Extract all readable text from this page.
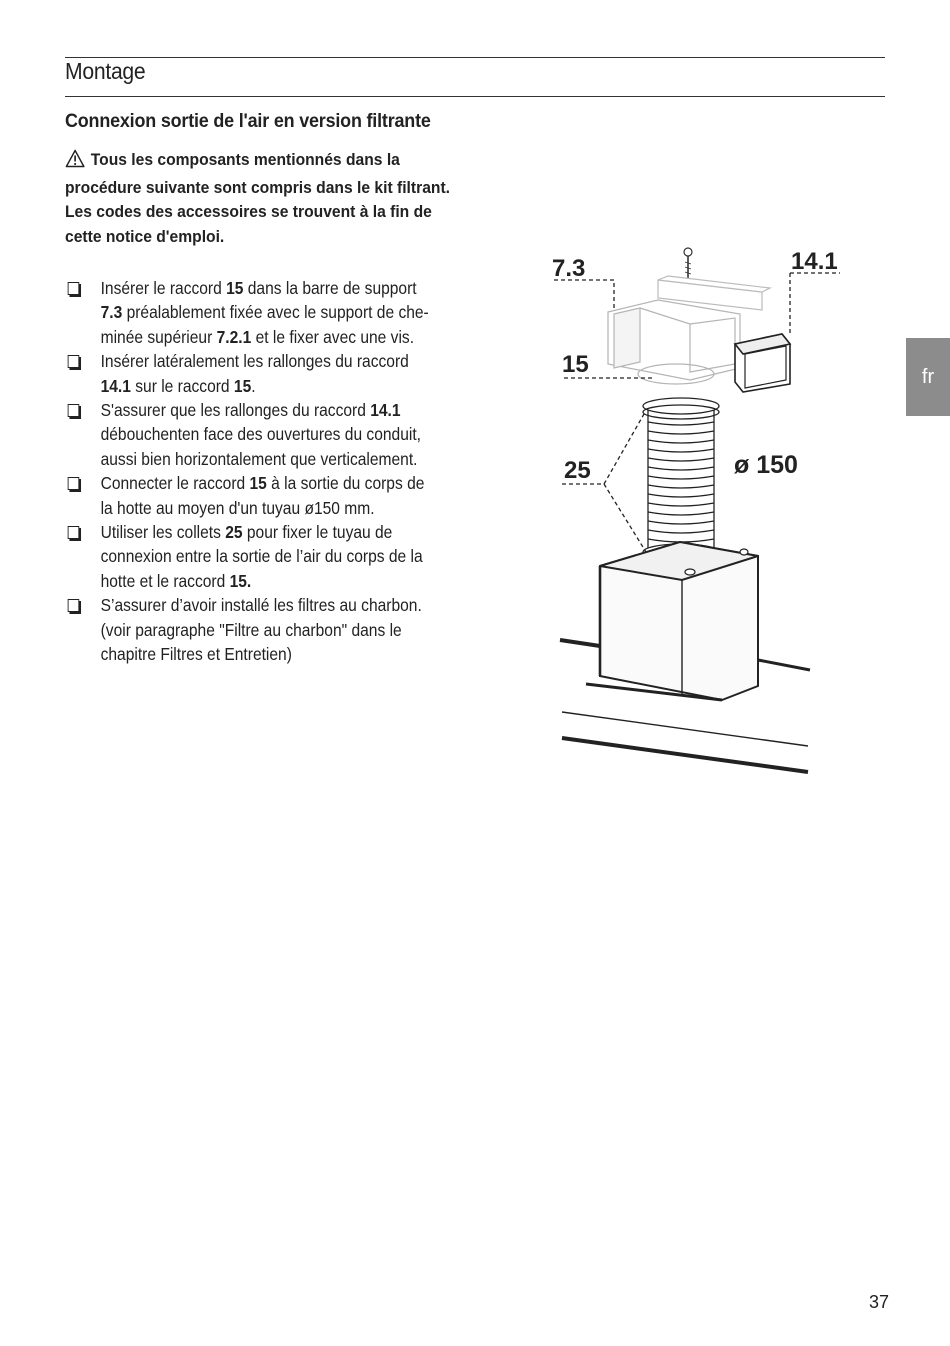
Montage
Connexion sortie de l'air en version filtrante
Tous les composants mentionnés dans la procédure suivante sont compris dans le kit filtrant. Les codes des accessoires se trouvent à la fin de cette notice d'emploi.
Insérer le raccord 15 dans la barre de support
7.3 préalablement fixée avec le support de che-
minée supérieur 7.2.1 et le fixer avec une vis.
Insérer latéralement les rallonges du raccord
14.1 sur le raccord 15.
S'assurer que les rallonges du raccord 14.1
débouchenten face des ouvertures du conduit,
aussi bien horizontalement que verticalement.
Connecter le raccord 15 à la sortie du corps de
la hotte au moyen d'un tuyau ø150 mm.
Utiliser les collets 25 pour fixer le tuyau de
connexion entre la sortie de l’air du corps de la
hotte et le raccord 15.
S’assurer d’avoir installé les filtres au charbon.
(voir paragraphe "Filtre au charbon" dans le
chapitre Filtres et Entretien)
7.3	14.1
15
25	ø 150
fr
37
